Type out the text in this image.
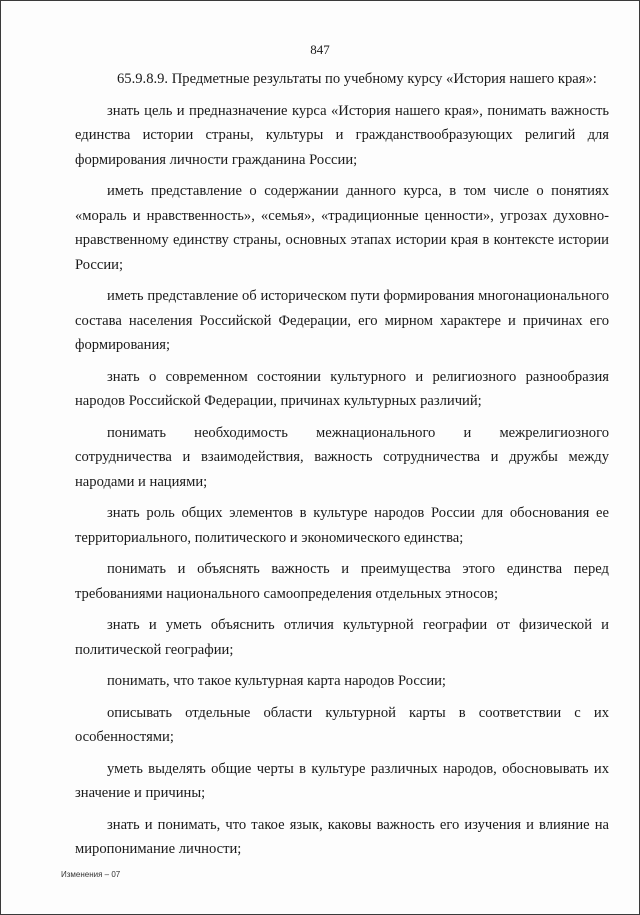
847

65.9.8.9. Предметные результаты по учебному курсу «История нашего края»:

знать цель и предназначение курса «История нашего края», понимать важность единства истории страны, культуры и гражданствообразующих религий для формирования личности гражданина России;

иметь представление о содержании данного курса, в том числе о понятиях «мораль и нравственность», «семья», «традиционные ценности», угрозах духовно-нравственному единству страны, основных этапах истории края в контексте истории России;

иметь представление об историческом пути формирования многонационального состава населения Российской Федерации, его мирном характере и причинах его формирования;

знать о современном состоянии культурного и религиозного разнообразия народов Российской Федерации, причинах культурных различий;

понимать необходимость межнационального и межрелигиозного сотрудничества и взаимодействия, важность сотрудничества и дружбы между народами и нациями;

знать роль общих элементов в культуре народов России для обоснования ее территориального, политического и экономического единства;

понимать и объяснять важность и преимущества этого единства перед требованиями национального самоопределения отдельных этносов;

знать и уметь объяснить отличия культурной географии от физической и политической географии;

понимать, что такое культурная карта народов России;

описывать отдельные области культурной карты в соответствии с их особенностями;

уметь выделять общие черты в культуре различных народов, обосновывать их значение и причины;

знать и понимать, что такое язык, каковы важность его изучения и влияние на миропонимание личности;

Изменения – 07
